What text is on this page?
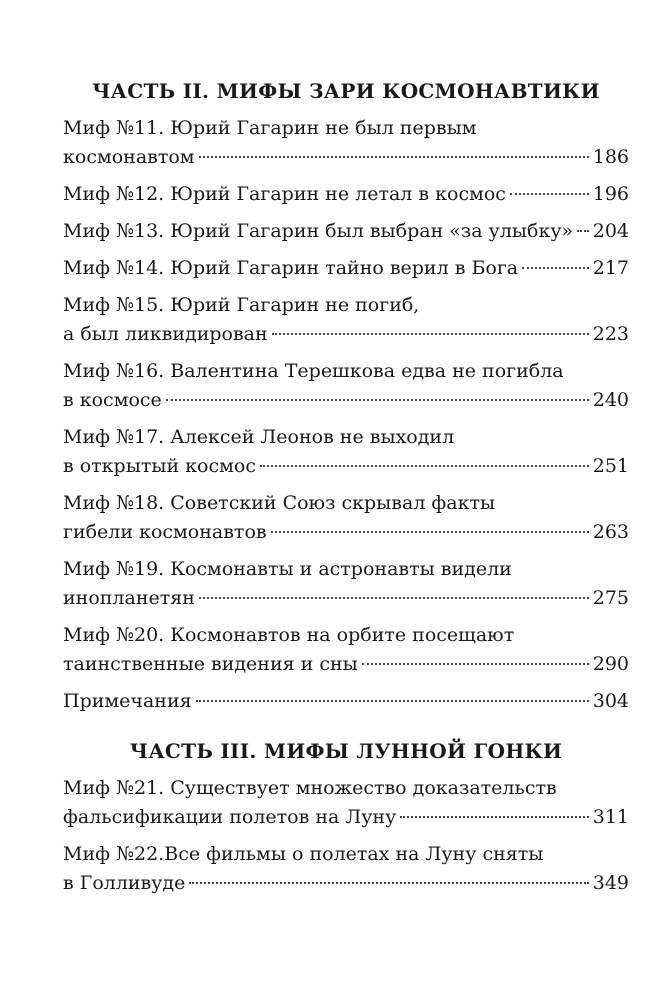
ЧАСТЬ II. МИФЫ ЗАРИ КОСМОНАВТИКИ
Миф №11. Юрий Гагарин не был первым
космонавтом	186
Миф №12. Юрий Гагарин не летал в космос	196
Миф №13. Юрий Гагарин был выбран «за улыбку» 204
Миф №14. Юрий Гагарин тайно верил в Бога	217
Миф №15. Юрий Гагарин не погиб,
а был ликвидирован	223
Миф №16. Валентина Терешкова едва не погибла
в космосе	240
Миф №17. Алексей Леонов не выходил
в открытый космос	251
Миф №18. Советский Союз скрывал факты
гибели космонавтов	263
Миф №19. Космонавты и астронавты видели
инопланетян	275
Миф №20. Космонавтов на орбите посещают
таинственные видения и сны	290
Примечания	304
ЧАСТЬ III. МИФЫ ЛУННОЙ ГОНКИ
Миф №21. Существует множество доказательств
фальсификации полетов на Луну	311
Миф №22.Все фильмы о полетах на Луну сняты
в Голливуде	349
